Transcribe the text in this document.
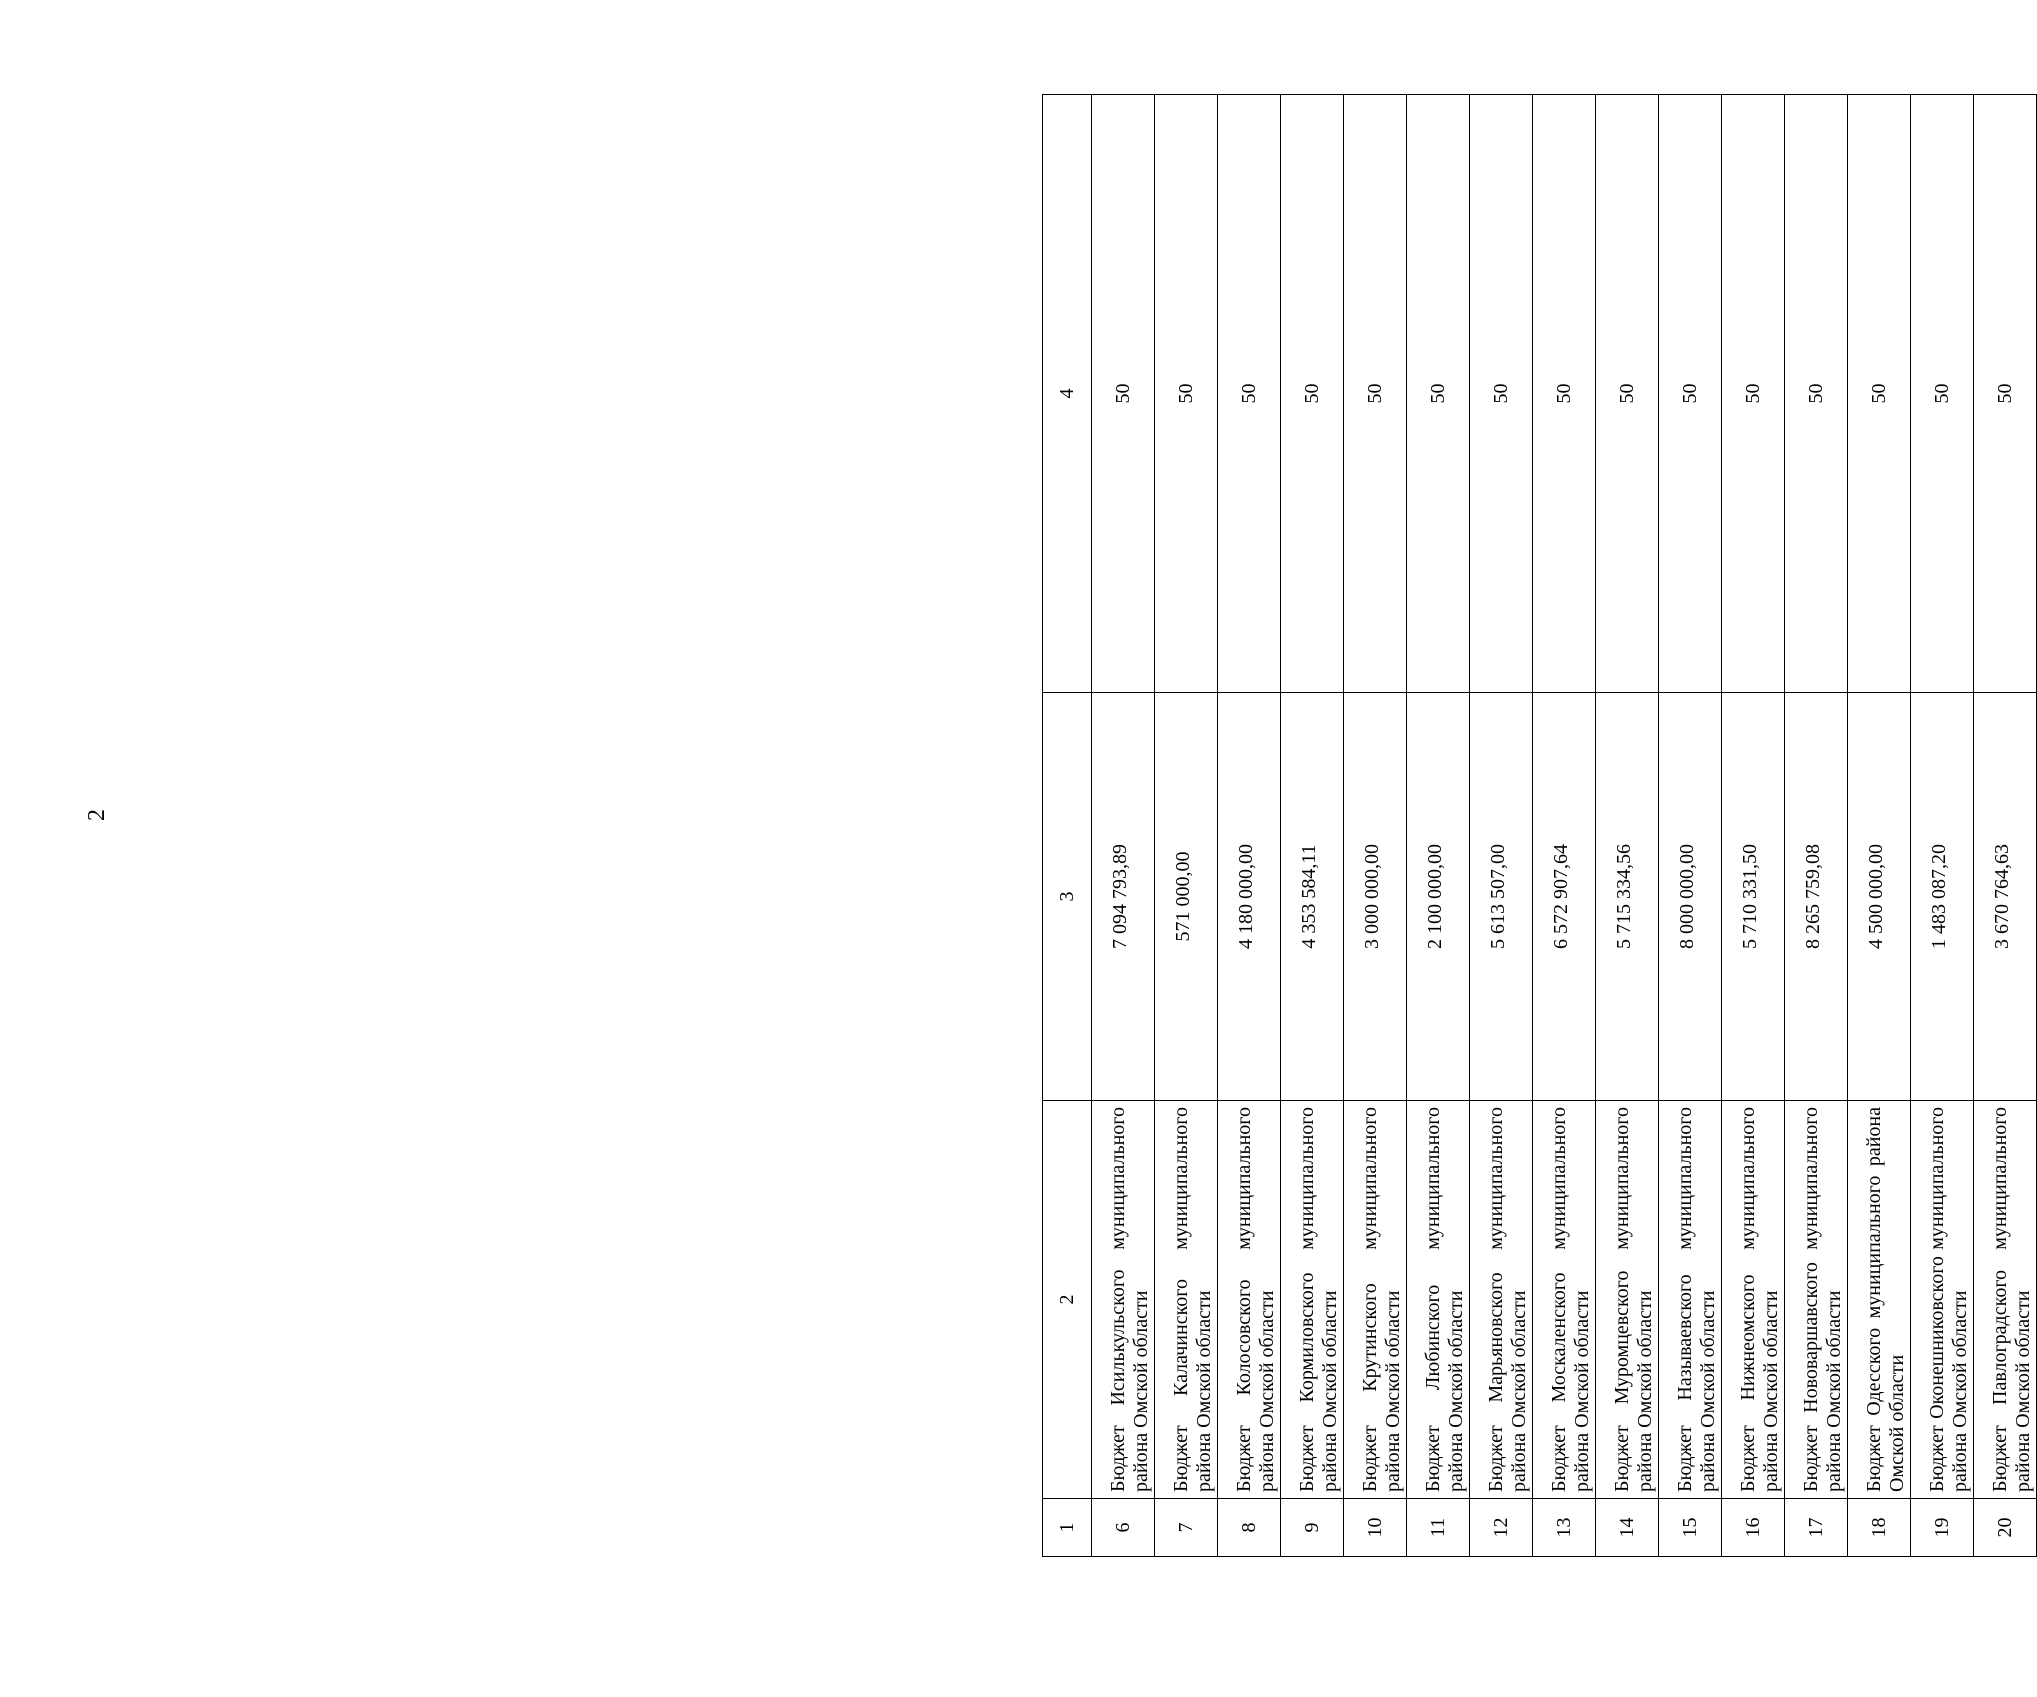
2
1	2	3	4
6	Бюджет Исилькульского муниципального района Омской области	7 094 793,89	50
7	Бюджет Калачинского муниципального района Омской области	571 000,00	50
8	Бюджет Колосовского муниципального района Омской области	4 180 000,00	50
9	Бюджет Кормиловского муниципального района Омской области	4 353 584,11	50
10	Бюджет Крутинского муниципального района Омской области	3 000 000,00	50
11	Бюджет Любинского муниципального района Омской области	2 100 000,00	50
12	Бюджет Марьяновского муниципального района Омской области	5 613 507,00	50
13	Бюджет Москаленского муниципального района Омской области	6 572 907,64	50
14	Бюджет Муромцевского муниципального района Омской области	5 715 334,56	50
15	Бюджет Называевского муниципального района Омской области	8 000 000,00	50
16	Бюджет Нижнеомского муниципального района Омской области	5 710 331,50	50
17	Бюджет Нововаршавского муниципального района Омской области	8 265 759,08	50
18	Бюджет Одесского муниципального района Омской области	4 500 000,00	50
19	Бюджет Оконешниковского муниципального района Омской области	1 483 087,20	50
20	Бюджет Павлоградского муниципального района Омской области	3 670 764,63	50
